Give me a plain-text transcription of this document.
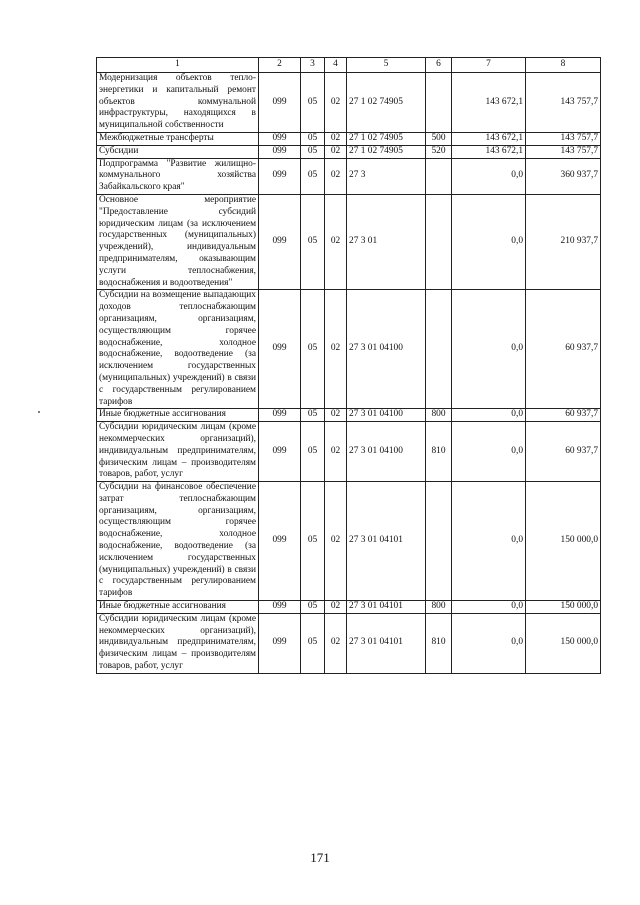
1	2	3	4	5	6	7	8
Модернизация объектов тепло-энергетики и капитальный ремонт объектов коммунальной инфраструктуры, находящихся в муниципальной собственности	099	05	02	27 1 02 74905		143 672,1	143 757,7
Межбюджетные трансферты	099	05	02	27 1 02 74905	500	143 672,1	143 757,7
Субсидии	099	05	02	27 1 02 74905	520	143 672,1	143 757,7
Подпрограмма "Развитие жилищно-коммунального хозяйства Забайкальского края"	099	05	02	27 3		0,0	360 937,7
Основное мероприятие "Предоставление субсидий юридическим лицам (за исключением государственных (муниципальных) учреждений), индивидуальным предпринимателям, оказывающим услуги теплоснабжения, водоснабжения и водоотведения"	099	05	02	27 3 01		0,0	210 937,7
Субсидии на возмещение выпадающих доходов теплоснабжающим организациям, организациям, осуществляющим горячее водоснабжение, холодное водоснабжение, водоотведение (за исключением государственных (муниципальных) учреждений) в связи с государственным регулированием тарифов	099	05	02	27 3 01 04100		0,0	60 937,7
Иные бюджетные ассигнования	099	05	02	27 3 01 04100	800	0,0	60 937,7
Субсидии юридическим лицам (кроме некоммерческих организаций), индивидуальным предпринимателям, физическим лицам – производителям товаров, работ, услуг	099	05	02	27 3 01 04100	810	0,0	60 937,7
Субсидии на финансовое обеспечение затрат теплоснабжающим организациям, организациям, осуществляющим горячее водоснабжение, холодное водоснабжение, водоотведение (за исключением государственных (муниципальных) учреждений) в связи с государственным регулированием тарифов	099	05	02	27 3 01 04101		0,0	150 000,0
Иные бюджетные ассигнования	099	05	02	27 3 01 04101	800	0,0	150 000,0
Субсидии юридическим лицам (кроме некоммерческих организаций), индивидуальным предпринимателям, физическим лицам – производителям товаров, работ, услуг	099	05	02	27 3 01 04101	810	0,0	150 000,0
171
